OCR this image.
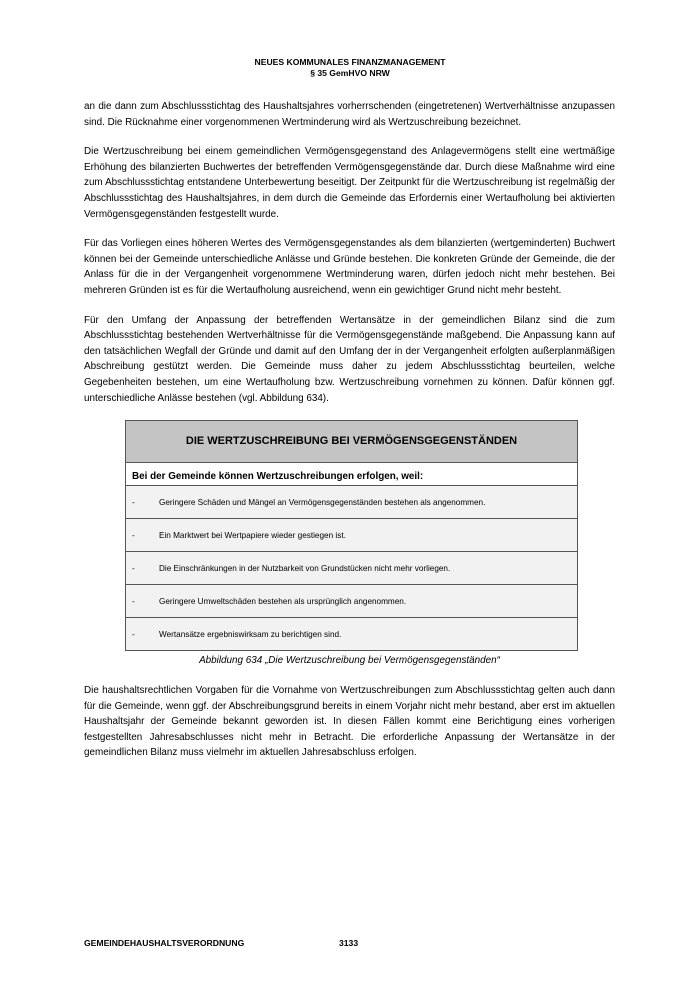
NEUES KOMMUNALES FINANZMANAGEMENT
§ 35 GemHVO NRW

an die dann zum Abschlussstichtag des Haushaltsjahres vorherrschenden (eingetretenen) Wertverhältnisse anzupassen sind. Die Rücknahme einer vorgenommenen Wertminderung wird als Wertzuschreibung bezeichnet.

Die Wertzuschreibung bei einem gemeindlichen Vermögensgegenstand des Anlagevermögens stellt eine wertmäßige Erhöhung des bilanzierten Buchwertes der betreffenden Vermögensgegenstände dar. Durch diese Maßnahme wird eine zum Abschlussstichtag entstandene Unterbewertung beseitigt. Der Zeitpunkt für die Wertzuschreibung ist regelmäßig der Abschlussstichtag des Haushaltsjahres, in dem durch die Gemeinde das Erfordernis einer Wertaufholung bei aktivierten Vermögensgegenständen festgestellt wurde.

Für das Vorliegen eines höheren Wertes des Vermögensgegenstandes als dem bilanzierten (wertgeminderten) Buchwert können bei der Gemeinde unterschiedliche Anlässe und Gründe bestehen. Die konkreten Gründe der Gemeinde, die der Anlass für die in der Vergangenheit vorgenommene Wertminderung waren, dürfen jedoch nicht mehr bestehen. Bei mehreren Gründen ist es für die Wertaufholung ausreichend, wenn ein gewichtiger Grund nicht mehr besteht.

Für den Umfang der Anpassung der betreffenden Wertansätze in der gemeindlichen Bilanz sind die zum Abschlussstichtag bestehenden Wertverhältnisse für die Vermögensgegenstände maßgebend. Die Anpassung kann auf den tatsächlichen Wegfall der Gründe und damit auf den Umfang der in der Vergangenheit erfolgten außerplanmäßigen Abschreibung gestützt werden. Die Gemeinde muss daher zu jedem Abschlussstichtag beurteilen, welche Gegebenheiten bestehen, um eine Wertaufholung bzw. Wertzuschreibung vornehmen zu können. Dafür können ggf. unterschiedliche Anlässe bestehen (vgl. Abbildung 634).

DIE WERTZUSCHREIBUNG BEI VERMÖGENSGEGENSTÄNDEN
Bei der Gemeinde können Wertzuschreibungen erfolgen, weil:
-	Geringere Schäden und Mängel an Vermögensgegenständen bestehen als angenommen.
-	Ein Marktwert bei Wertpapiere wieder gestiegen ist.
-	Die Einschränkungen in der Nutzbarkeit von Grundstücken nicht mehr vorliegen.
-	Geringere Umweltschäden bestehen als ursprünglich angenommen.
-	Wertansätze ergebniswirksam zu berichtigen sind.
Abbildung 634 „Die Wertzuschreibung bei Vermögensgegenständen“

Die haushaltsrechtlichen Vorgaben für die Vornahme von Wertzuschreibungen zum Abschlussstichtag gelten auch dann für die Gemeinde, wenn ggf. der Abschreibungsgrund bereits in einem Vorjahr nicht mehr bestand, aber erst im aktuellen Haushaltsjahr der Gemeinde bekannt geworden ist. In diesen Fällen kommt eine Berichtigung eines vorherigen festgestellten Jahresabschlusses nicht mehr in Betracht. Die erforderliche Anpassung der Wertansätze in der gemeindlichen Bilanz muss vielmehr im aktuellen Jahresabschluss erfolgen.

GEMEINDEHAUSHALTSVERORDNUNG	3133
